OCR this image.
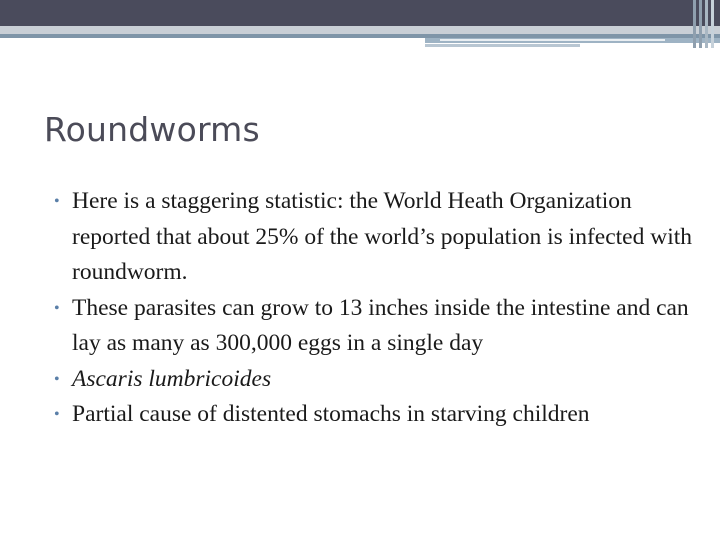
Roundworms
• Here is a staggering statistic: the World Heath Organization reported that about 25% of the world’s population is infected with roundworm.
• These parasites can grow to 13 inches inside the intestine and can lay as many as 300,000 eggs in a single day
• Ascaris lumbricoides
• Partial cause of distented stomachs in starving children
